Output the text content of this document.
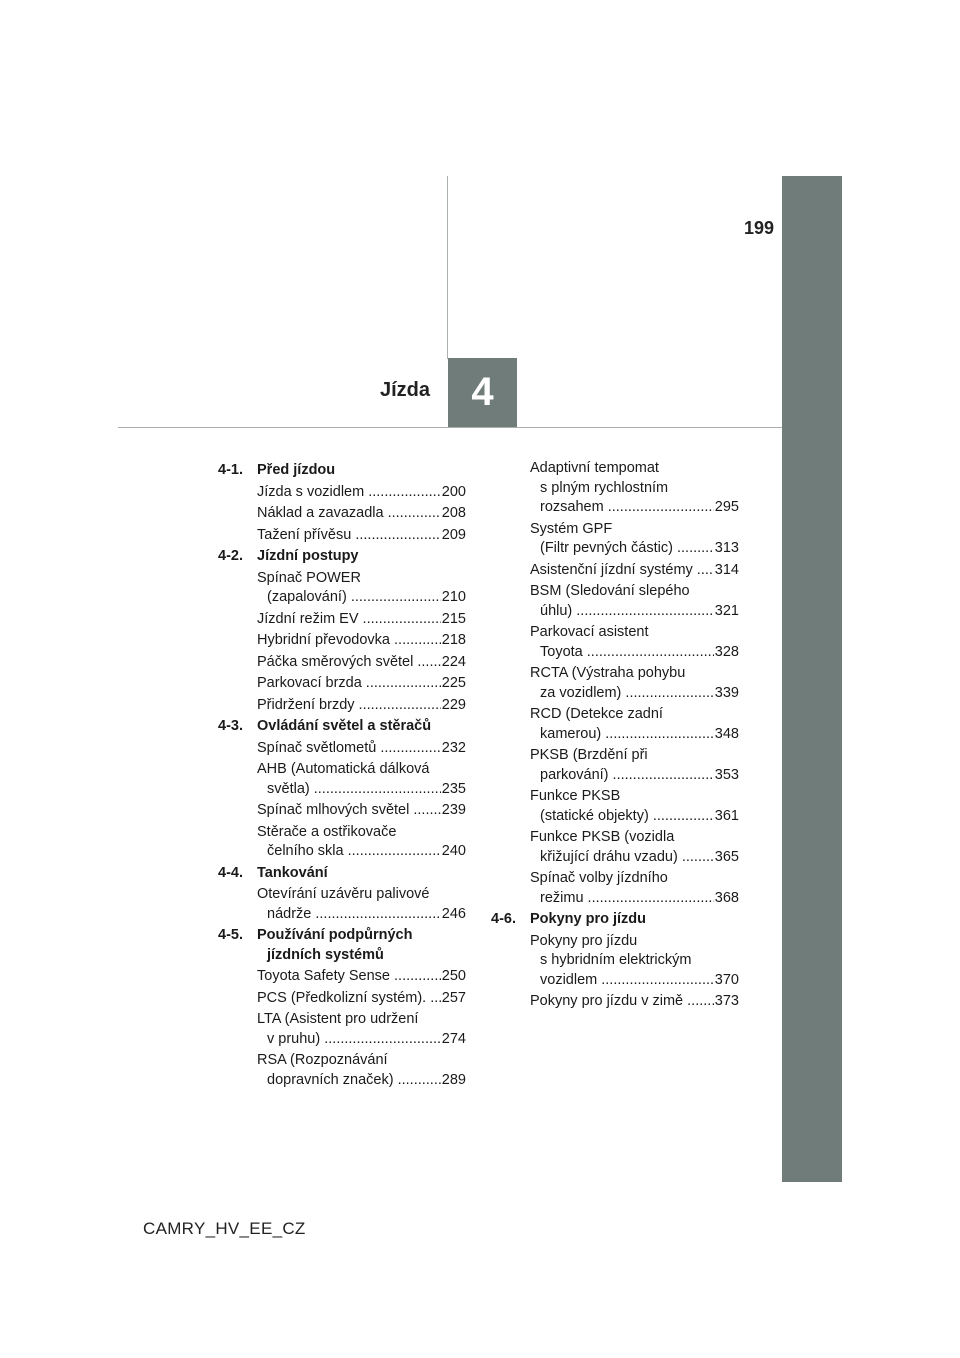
199
4
Jízda
4-1. Před jízdou
Jízda s vozidlem .....	200
Náklad a zavazadla .....	208
Tažení přívěsu .....	209
4-2. Jízdní postupy
Spínač POWER
(zapalování) .....	210
Jízdní režim EV .....	215
Hybridní převodovka .....	218
Páčka směrových světel .....	224
Parkovací brzda .....	225
Přidržení brzdy .....	229
4-3. Ovládání světel a stěračů
Spínač světlometů .....	232
AHB (Automatická dálková
světla) .....	235
Spínač mlhových světel .....	239
Stěrače a ostřikovače
čelního skla .....	240
4-4. Tankování
Otevírání uzávěru palivové
nádrže .....	246
4-5. Používání podpůrných
jízdních systémů
Toyota Safety Sense .....	250
PCS (Předkolizní systém). .....	257
LTA (Asistent pro udržení
v pruhu) .....	274
RSA (Rozpoznávání
dopravních značek) .....	289
Adaptivní tempomat
s plným rychlostním
rozsahem .....	295
Systém GPF
(Filtr pevných částic) .....	313
Asistenční jízdní systémy .....	314
BSM (Sledování slepého
úhlu) .....	321
Parkovací asistent
Toyota .....	328
RCTA (Výstraha pohybu
za vozidlem) .....	339
RCD (Detekce zadní
kamerou) .....	348
PKSB (Brzdění při
parkování) .....	353
Funkce PKSB
(statické objekty) .....	361
Funkce PKSB (vozidla
křižující dráhu vzadu) .....	365
Spínač volby jízdního
režimu .....	368
4-6. Pokyny pro jízdu
Pokyny pro jízdu
s hybridním elektrickým
vozidlem .....	370
Pokyny pro jízdu v zimě .....	373
CAMRY_HV_EE_CZ
